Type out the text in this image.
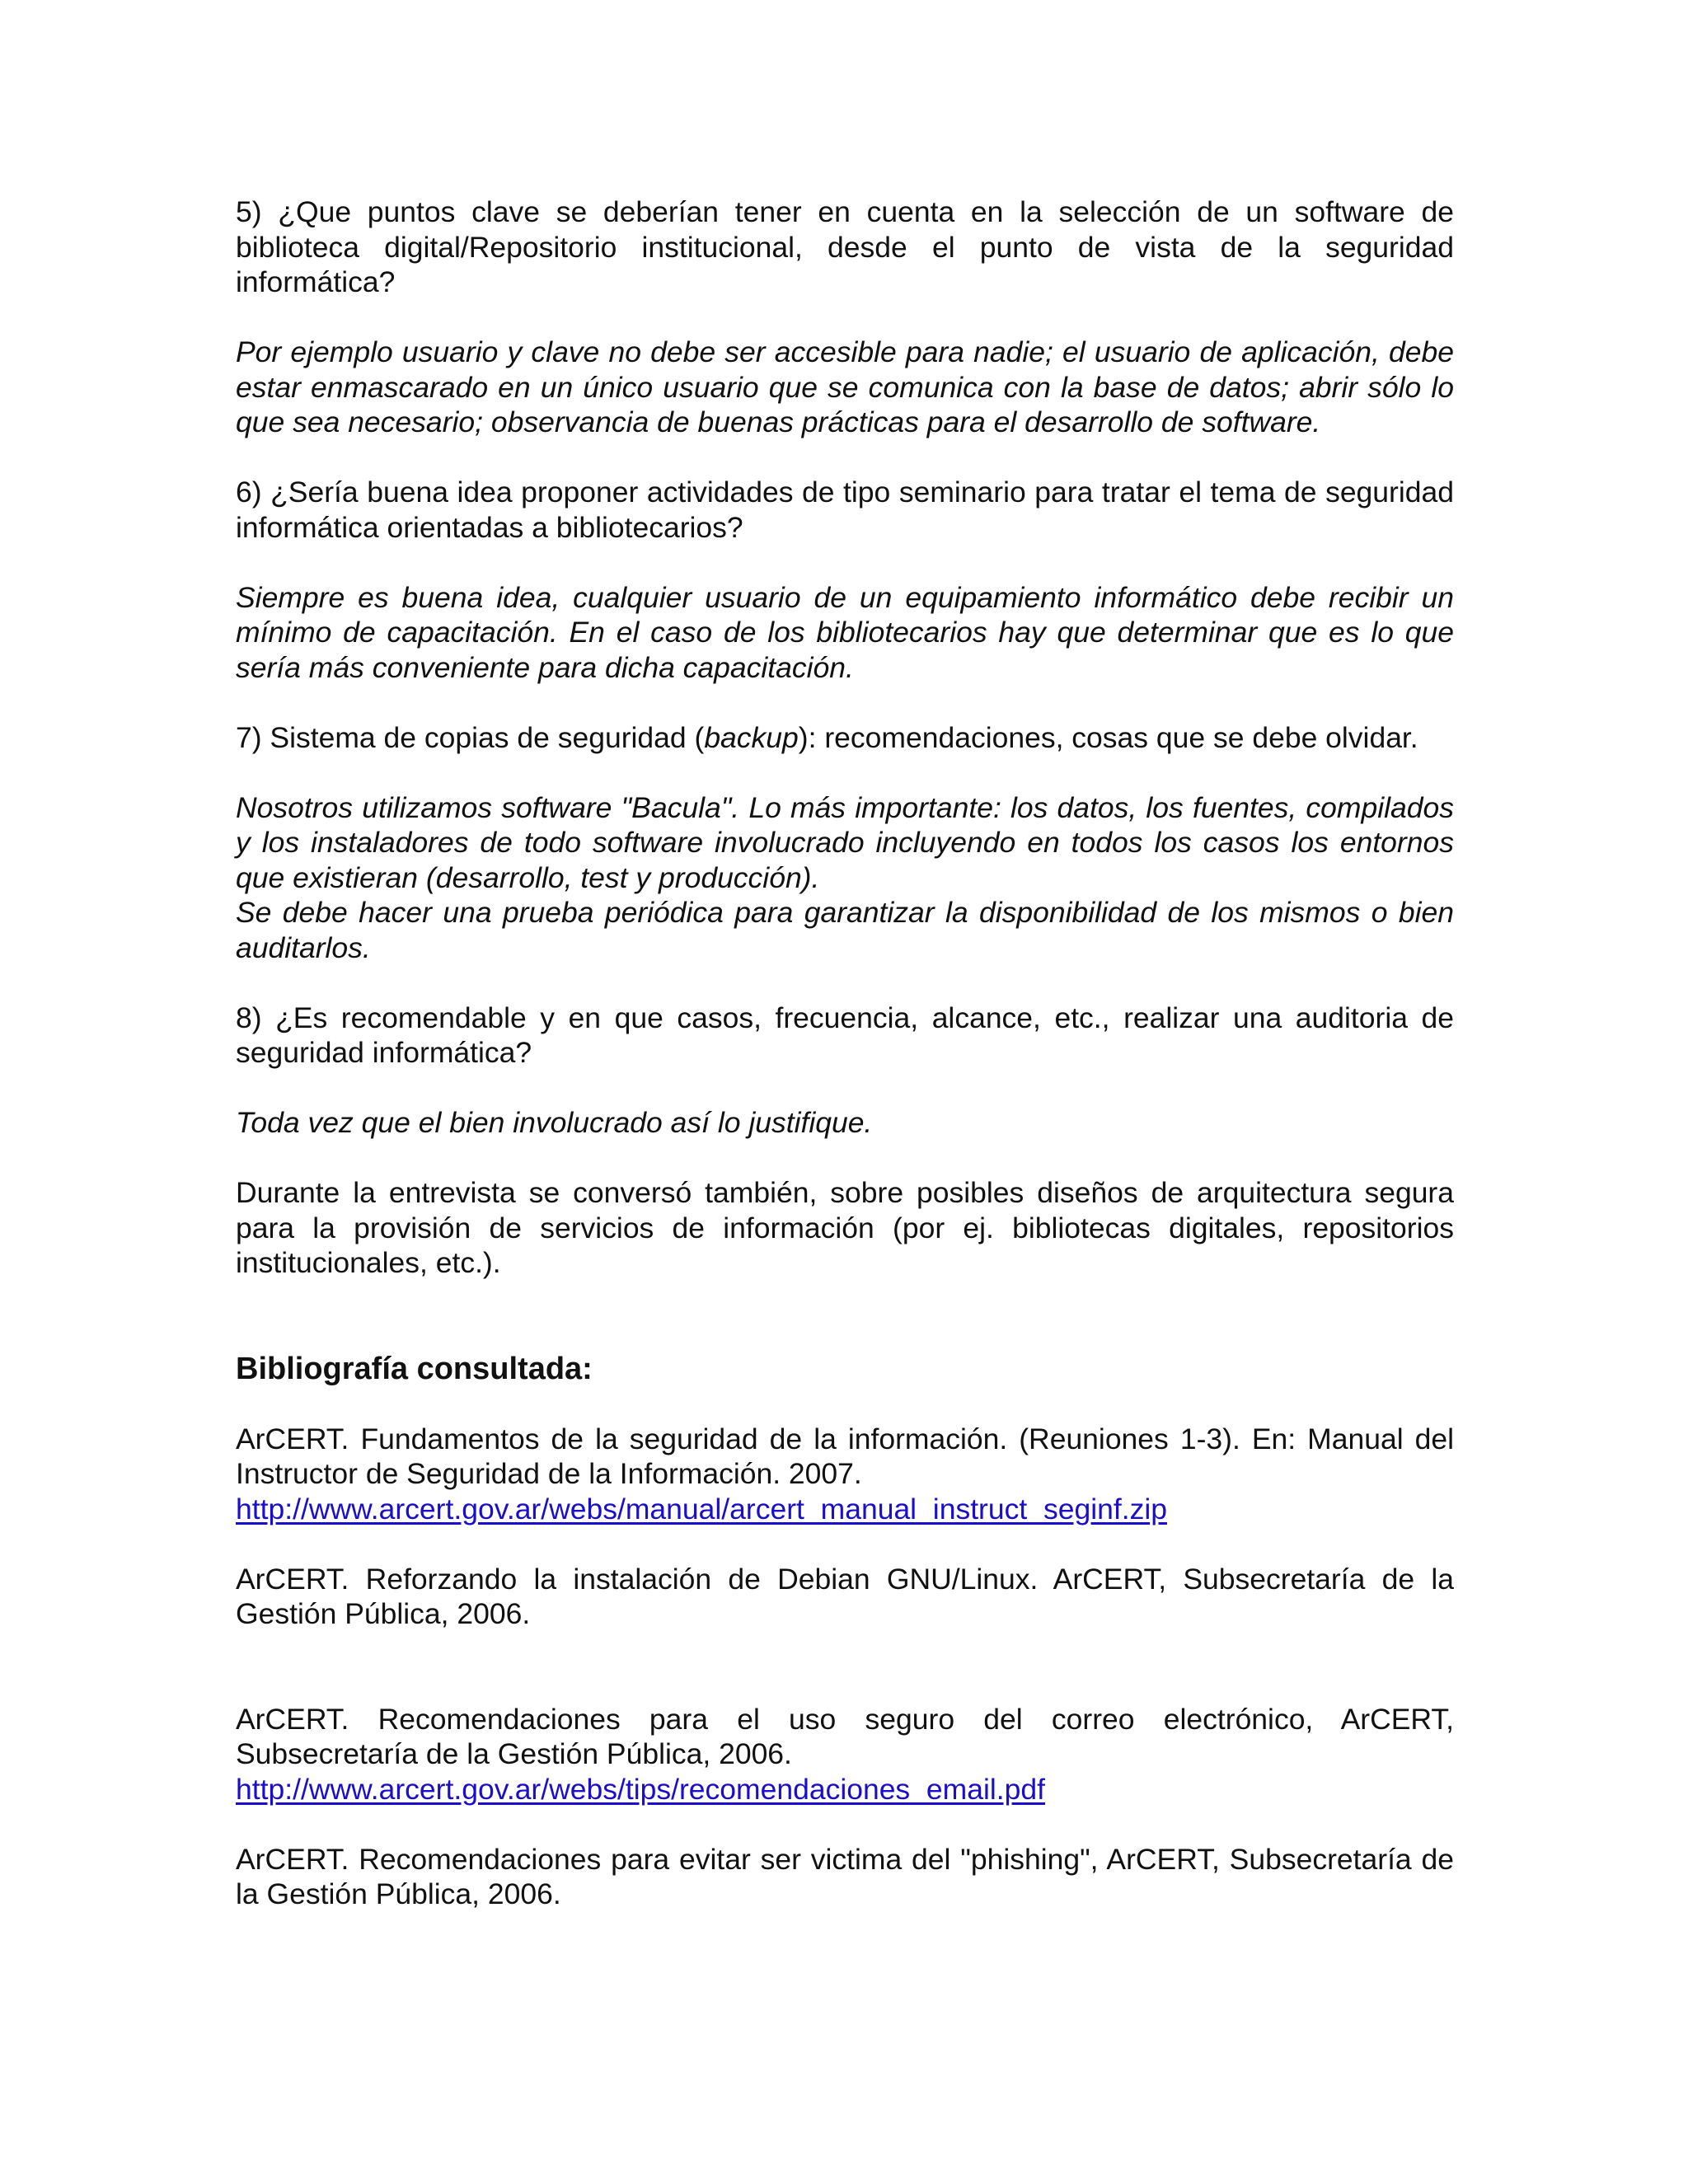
5) ¿Que puntos clave se deberían tener en cuenta en la selección de un software de biblioteca digital/Repositorio institucional, desde el punto de vista de la seguridad informática?

Por ejemplo usuario y clave no debe ser accesible para nadie; el usuario de aplicación, debe estar enmascarado en un único usuario que se comunica con la base de datos; abrir sólo lo que sea necesario; observancia de buenas prácticas para el desarrollo de software.

6) ¿Sería buena idea proponer actividades de tipo seminario para tratar el tema de seguridad informática orientadas a bibliotecarios?

Siempre es buena idea, cualquier usuario de un equipamiento informático debe recibir un mínimo de capacitación. En el caso de los bibliotecarios hay que determinar que es lo que sería más conveniente para dicha capacitación.

7) Sistema de copias de seguridad (backup): recomendaciones, cosas que se debe olvidar.

Nosotros utilizamos software "Bacula". Lo más importante: los datos, los fuentes, compilados y los instaladores de todo software involucrado incluyendo en todos los casos los entornos que existieran (desarrollo, test y producción).
Se debe hacer una prueba periódica para garantizar la disponibilidad de los mismos o bien auditarlos.

8) ¿Es recomendable y en que casos, frecuencia, alcance, etc., realizar una auditoria de seguridad informática?

Toda vez que el bien involucrado así lo justifique.

Durante la entrevista se conversó también, sobre posibles diseños de arquitectura segura para la provisión de servicios de información (por ej. bibliotecas digitales, repositorios institucionales, etc.).

Bibliografía consultada:
ArCERT. Fundamentos de la seguridad de la información. (Reuniones 1-3). En: Manual del Instructor de Seguridad de la Información. 2007.
http://www.arcert.gov.ar/webs/manual/arcert_manual_instruct_seginf.zip
ArCERT. Reforzando la instalación de Debian GNU/Linux. ArCERT, Subsecretaría de la Gestión Pública, 2006.
ArCERT. Recomendaciones para el uso seguro del correo electrónico, ArCERT, Subsecretaría de la Gestión Pública, 2006.
http://www.arcert.gov.ar/webs/tips/recomendaciones_email.pdf
ArCERT. Recomendaciones para evitar ser victima del "phishing", ArCERT, Subsecretaría de la Gestión Pública, 2006.
